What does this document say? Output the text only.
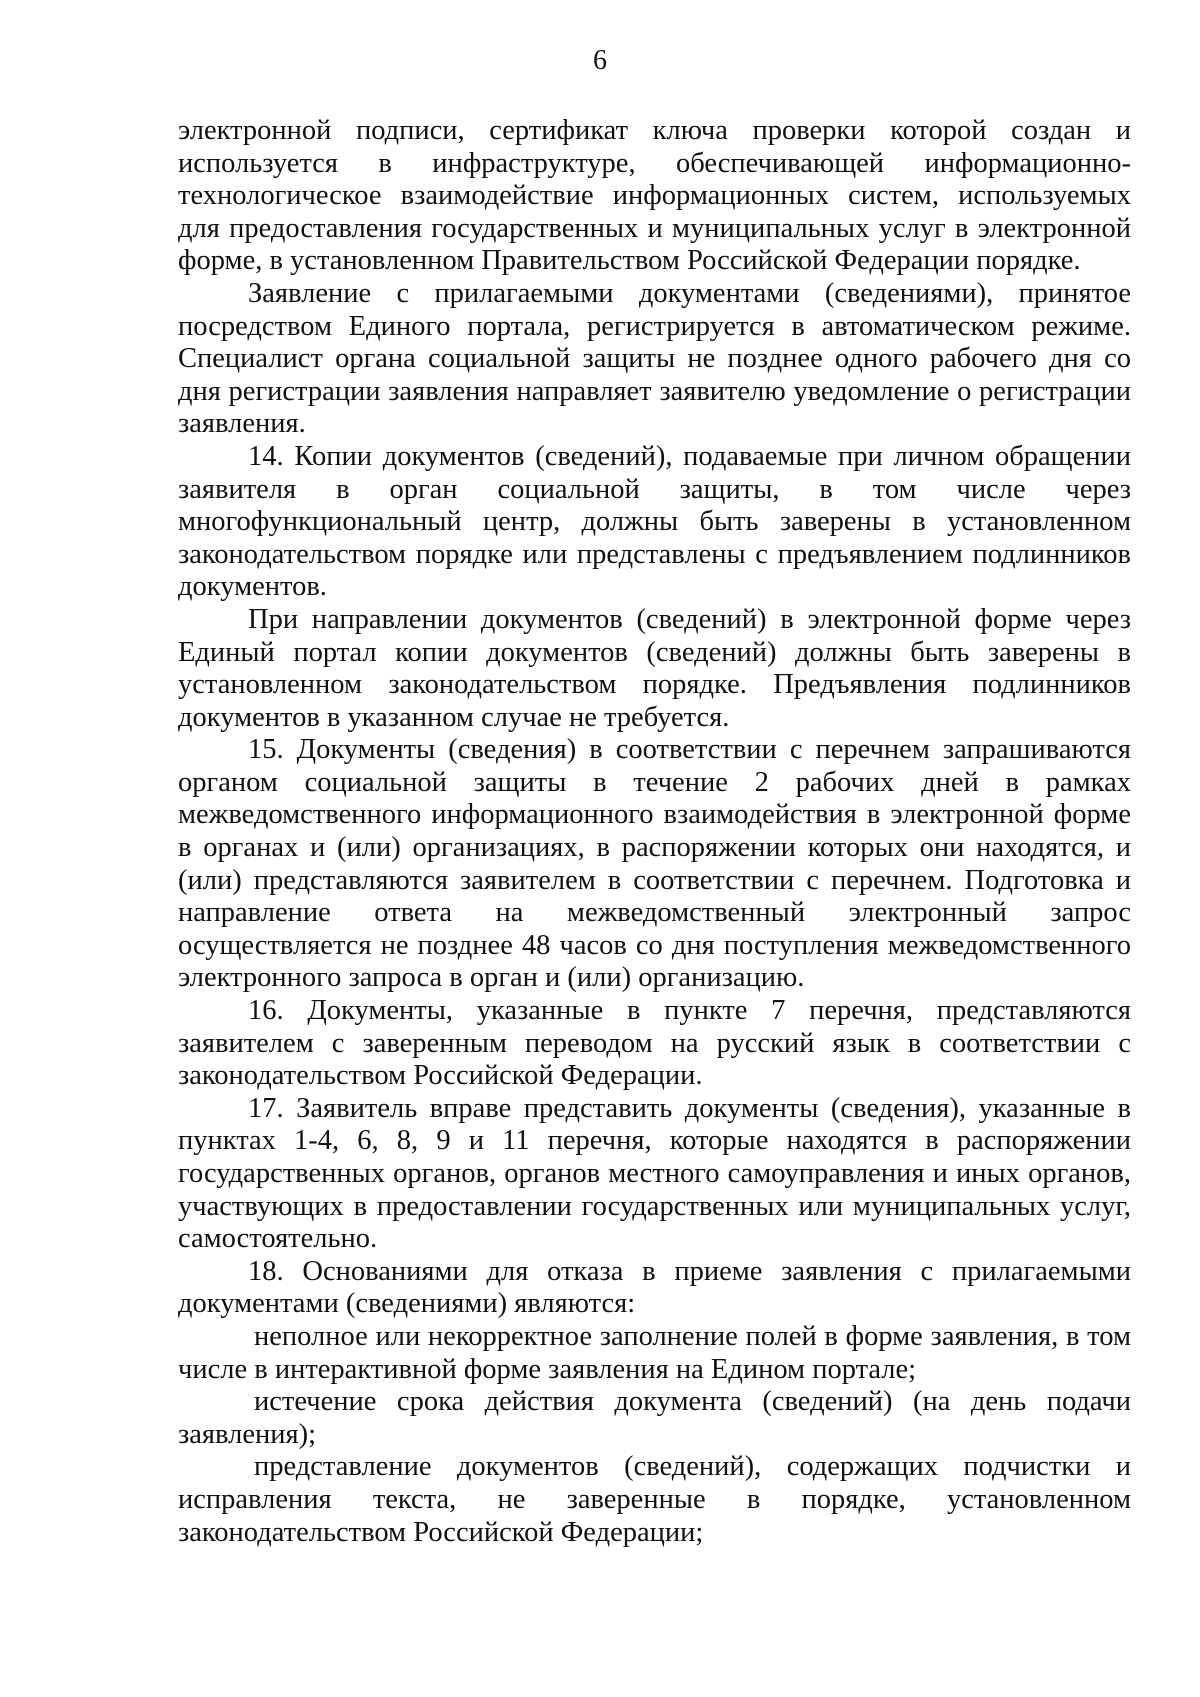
6

электронной подписи, сертификат ключа проверки которой создан и используется в инфраструктуре, обеспечивающей информационно-технологическое взаимодействие информационных систем, используемых для предоставления государственных и муниципальных услуг в электронной форме, в установленном Правительством Российской Федерации порядке.

Заявление с прилагаемыми документами (сведениями), принятое посредством Единого портала, регистрируется в автоматическом режиме. Специалист органа социальной защиты не позднее одного рабочего дня со дня регистрации заявления направляет заявителю уведомление о регистрации заявления.

14. Копии документов (сведений), подаваемые при личном обращении заявителя в орган социальной защиты, в том числе через многофункциональный центр, должны быть заверены в установленном законодательством порядке или представлены с предъявлением подлинников документов.

При направлении документов (сведений) в электронной форме через Единый портал копии документов (сведений) должны быть заверены в установленном законодательством порядке. Предъявления подлинников документов в указанном случае не требуется.

15. Документы (сведения) в соответствии с перечнем запрашиваются органом социальной защиты в течение 2 рабочих дней в рамках межведомственного информационного взаимодействия в электронной форме в органах и (или) организациях, в распоряжении которых они находятся, и (или) представляются заявителем в соответствии с перечнем. Подготовка и направление ответа на межведомственный электронный запрос осуществляется не позднее 48 часов со дня поступления межведомственного электронного запроса в орган и (или) организацию.

16. Документы, указанные в пункте 7 перечня, представляются заявителем с заверенным переводом на русский язык в соответствии с законодательством Российской Федерации.

17. Заявитель вправе представить документы (сведения), указанные в пунктах 1-4, 6, 8, 9 и 11 перечня, которые находятся в распоряжении государственных органов, органов местного самоуправления и иных органов, участвующих в предоставлении государственных или муниципальных услуг, самостоятельно.

18. Основаниями для отказа в приеме заявления с прилагаемыми документами (сведениями) являются:

неполное или некорректное заполнение полей в форме заявления, в том числе в интерактивной форме заявления на Едином портале;

истечение срока действия документа (сведений) (на день подачи заявления);

представление документов (сведений), содержащих подчистки и исправления текста, не заверенные в порядке, установленном законодательством Российской Федерации;
